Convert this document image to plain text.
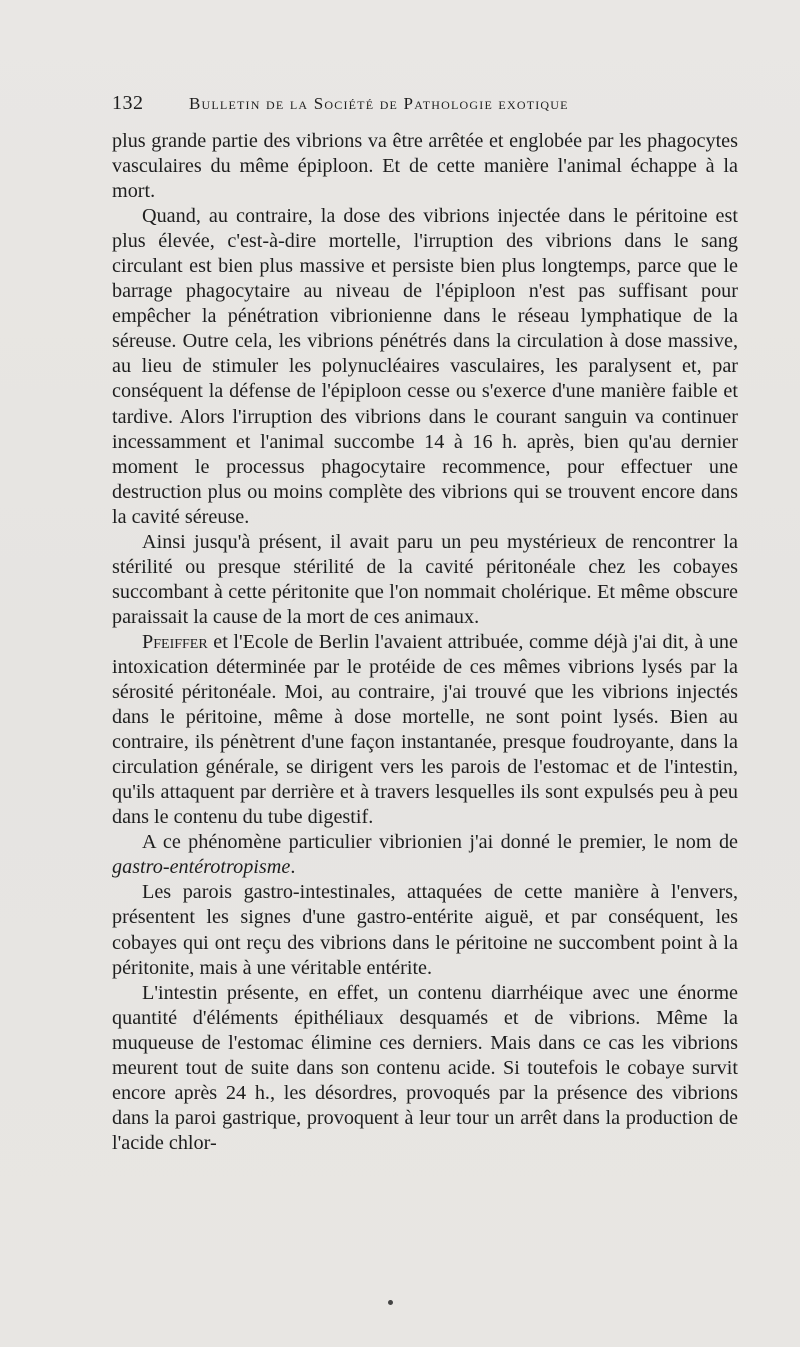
132	Bulletin de la Société de Pathologie exotique

plus grande partie des vibrions va être arrêtée et englobée par les phagocytes vasculaires du même épiploon. Et de cette manière l'animal échappe à la mort.

Quand, au contraire, la dose des vibrions injectée dans le péritoine est plus élevée, c'est-à-dire mortelle, l'irruption des vibrions dans le sang circulant est bien plus massive et persiste bien plus longtemps, parce que le barrage phagocytaire au niveau de l'épiploon n'est pas suffisant pour empêcher la pénétration vibrionienne dans le réseau lymphatique de la séreuse. Outre cela, les vibrions pénétrés dans la circulation à dose massive, au lieu de stimuler les polynucléaires vasculaires, les paralysent et, par conséquent la défense de l'épiploon cesse ou s'exerce d'une manière faible et tardive. Alors l'irruption des vibrions dans le courant sanguin va continuer incessamment et l'animal succombe 14 à 16 h. après, bien qu'au dernier moment le processus phagocytaire recommence, pour effectuer une destruction plus ou moins complète des vibrions qui se trouvent encore dans la cavité séreuse.

Ainsi jusqu'à présent, il avait paru un peu mystérieux de rencontrer la stérilité ou presque stérilité de la cavité péritonéale chez les cobayes succombant à cette péritonite que l'on nommait cholérique. Et même obscure paraissait la cause de la mort de ces animaux.

Pfeiffer et l'Ecole de Berlin l'avaient attribuée, comme déjà j'ai dit, à une intoxication déterminée par le protéide de ces mêmes vibrions lysés par la sérosité péritonéale. Moi, au contraire, j'ai trouvé que les vibrions injectés dans le péritoine, même à dose mortelle, ne sont point lysés. Bien au contraire, ils pénètrent d'une façon instantanée, presque foudroyante, dans la circulation générale, se dirigent vers les parois de l'estomac et de l'intestin, qu'ils attaquent par derrière et à travers lesquelles ils sont expulsés peu à peu dans le contenu du tube digestif.

A ce phénomène particulier vibrionien j'ai donné le premier, le nom de gastro-entérotropisme.

Les parois gastro-intestinales, attaquées de cette manière à l'envers, présentent les signes d'une gastro-entérite aiguë, et par conséquent, les cobayes qui ont reçu des vibrions dans le péritoine ne succombent point à la péritonite, mais à une véritable entérite.

L'intestin présente, en effet, un contenu diarrhéique avec une énorme quantité d'éléments épithéliaux desquamés et de vibrions. Même la muqueuse de l'estomac élimine ces derniers. Mais dans ce cas les vibrions meurent tout de suite dans son contenu acide. Si toutefois le cobaye survit encore après 24 h., les désordres, provoqués par la présence des vibrions dans la paroi gastrique, provoquent à leur tour un arrêt dans la production de l'acide chlor-
